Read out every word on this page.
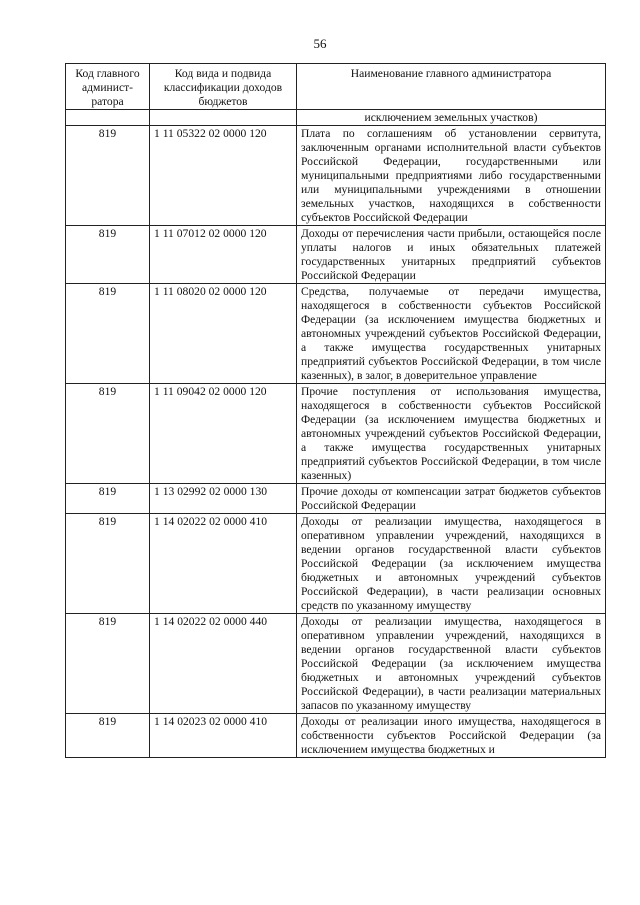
56
Код главного админист-ратора	Код вида и подвида классификации доходов бюджетов	Наименование главного администратора
		исключением земельных участков)
819	1 11 05322 02 0000 120	Плата по соглашениям об установлении сервитута, заключенным органами исполнительной власти субъектов Российской Федерации, государственными или муниципальными предприятиями либо государственными или муниципальными учреждениями в отношении земельных участков, находящихся в собственности субъектов Российской Федерации
819	1 11 07012 02 0000 120	Доходы от перечисления части прибыли, остающейся после уплаты налогов и иных обязательных платежей государственных унитарных предприятий субъектов Российской Федерации
819	1 11 08020 02 0000 120	Средства, получаемые от передачи имущества, находящегося в собственности субъектов Российской Федерации (за исключением имущества бюджетных и автономных учреждений субъектов Российской Федерации, а также имущества государственных унитарных предприятий субъектов Российской Федерации, в том числе казенных), в залог, в доверительное управление
819	1 11 09042 02 0000 120	Прочие поступления от использования имущества, находящегося в собственности субъектов Российской Федерации (за исключением имущества бюджетных и автономных учреждений субъектов Российской Федерации, а также имущества государственных унитарных предприятий субъектов Российской Федерации, в том числе казенных)
819	1 13 02992 02 0000 130	Прочие доходы от компенсации затрат бюджетов субъектов Российской Федерации
819	1 14 02022 02 0000 410	Доходы от реализации имущества, находящегося в оперативном управлении учреждений, находящихся в ведении органов государственной власти субъектов Российской Федерации (за исключением имущества бюджетных и автономных учреждений субъектов Российской Федерации), в части реализации основных средств по указанному имуществу
819	1 14 02022 02 0000 440	Доходы от реализации имущества, находящегося в оперативном управлении учреждений, находящихся в ведении органов государственной власти субъектов Российской Федерации (за исключением имущества бюджетных и автономных учреждений субъектов Российской Федерации), в части реализации материальных запасов по указанному имуществу
819	1 14 02023 02 0000 410	Доходы от реализации иного имущества, находящегося в собственности субъектов Российской Федерации (за исключением имущества бюджетных и
